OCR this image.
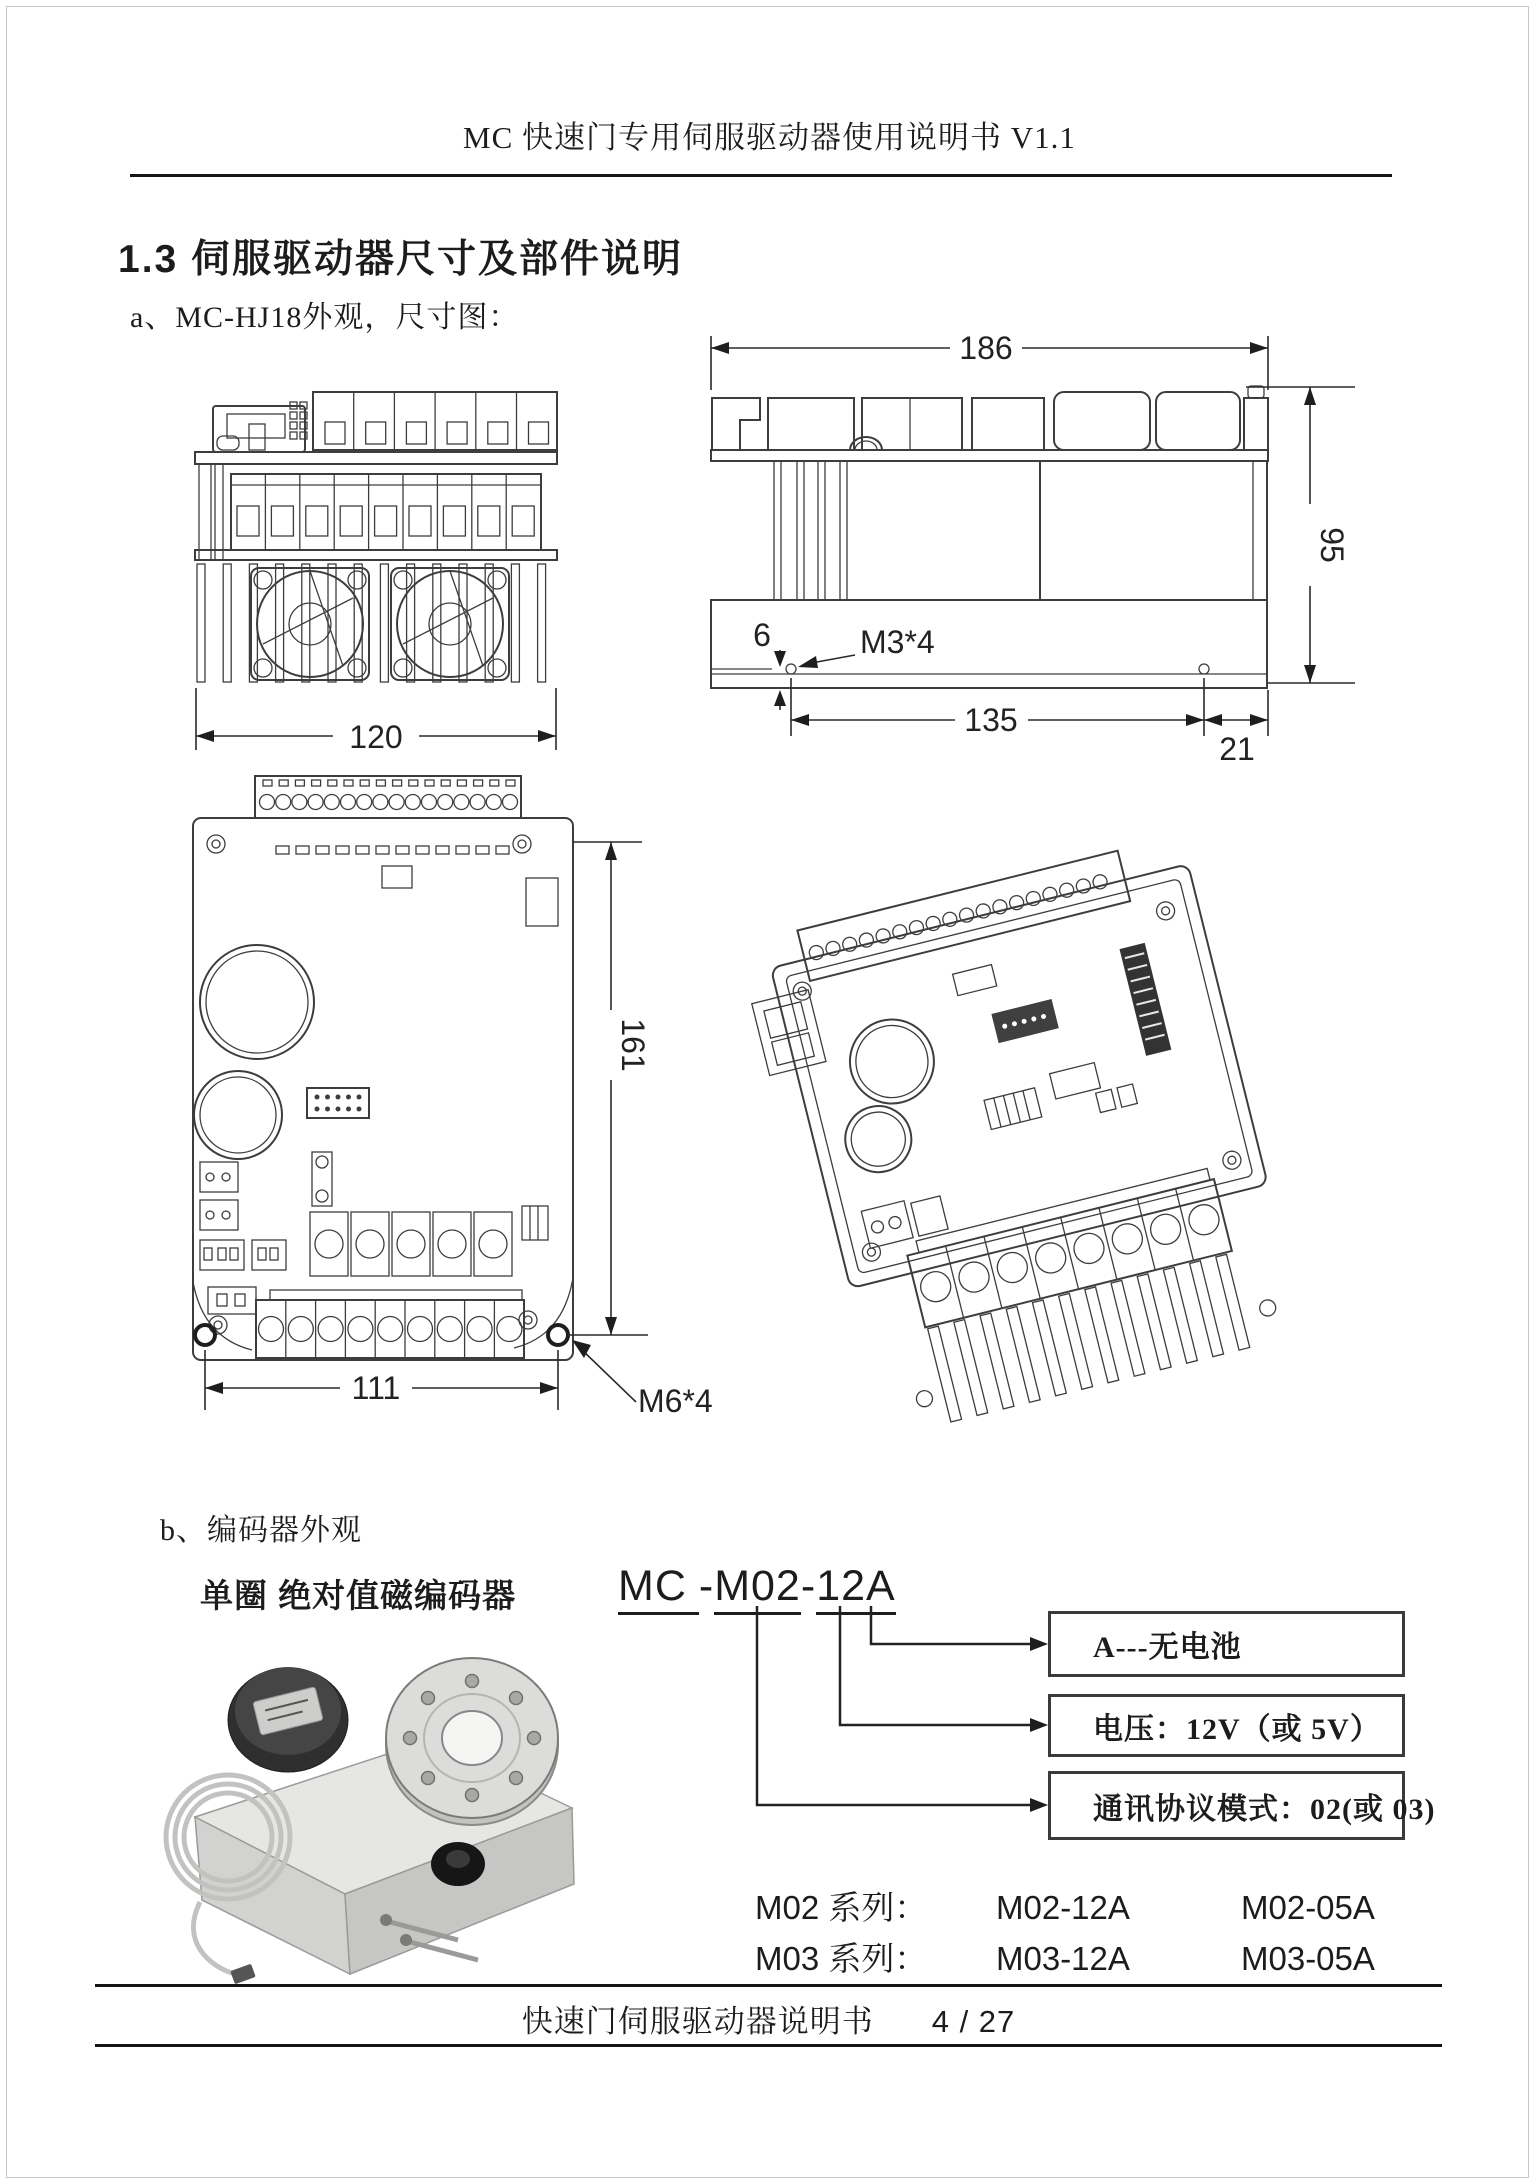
MC 快速门专用伺服驱动器使用说明书 V1.1
1.3 伺服驱动器尺寸及部件说明
a、MC-HJ18外观，尺寸图：
120
186
6	M3*4
135
21
95
161
111	M6*4
b、编码器外观
单圈 绝对值磁编码器 MC -M02-12A
A---无电池
电压：12V（或 5V）
通讯协议模式：02(或 03)
M02 系列： M02-12A	M02-05A
M03 系列： M03-12A	M03-05A
快速门伺服驱动器说明书 4 / 27
